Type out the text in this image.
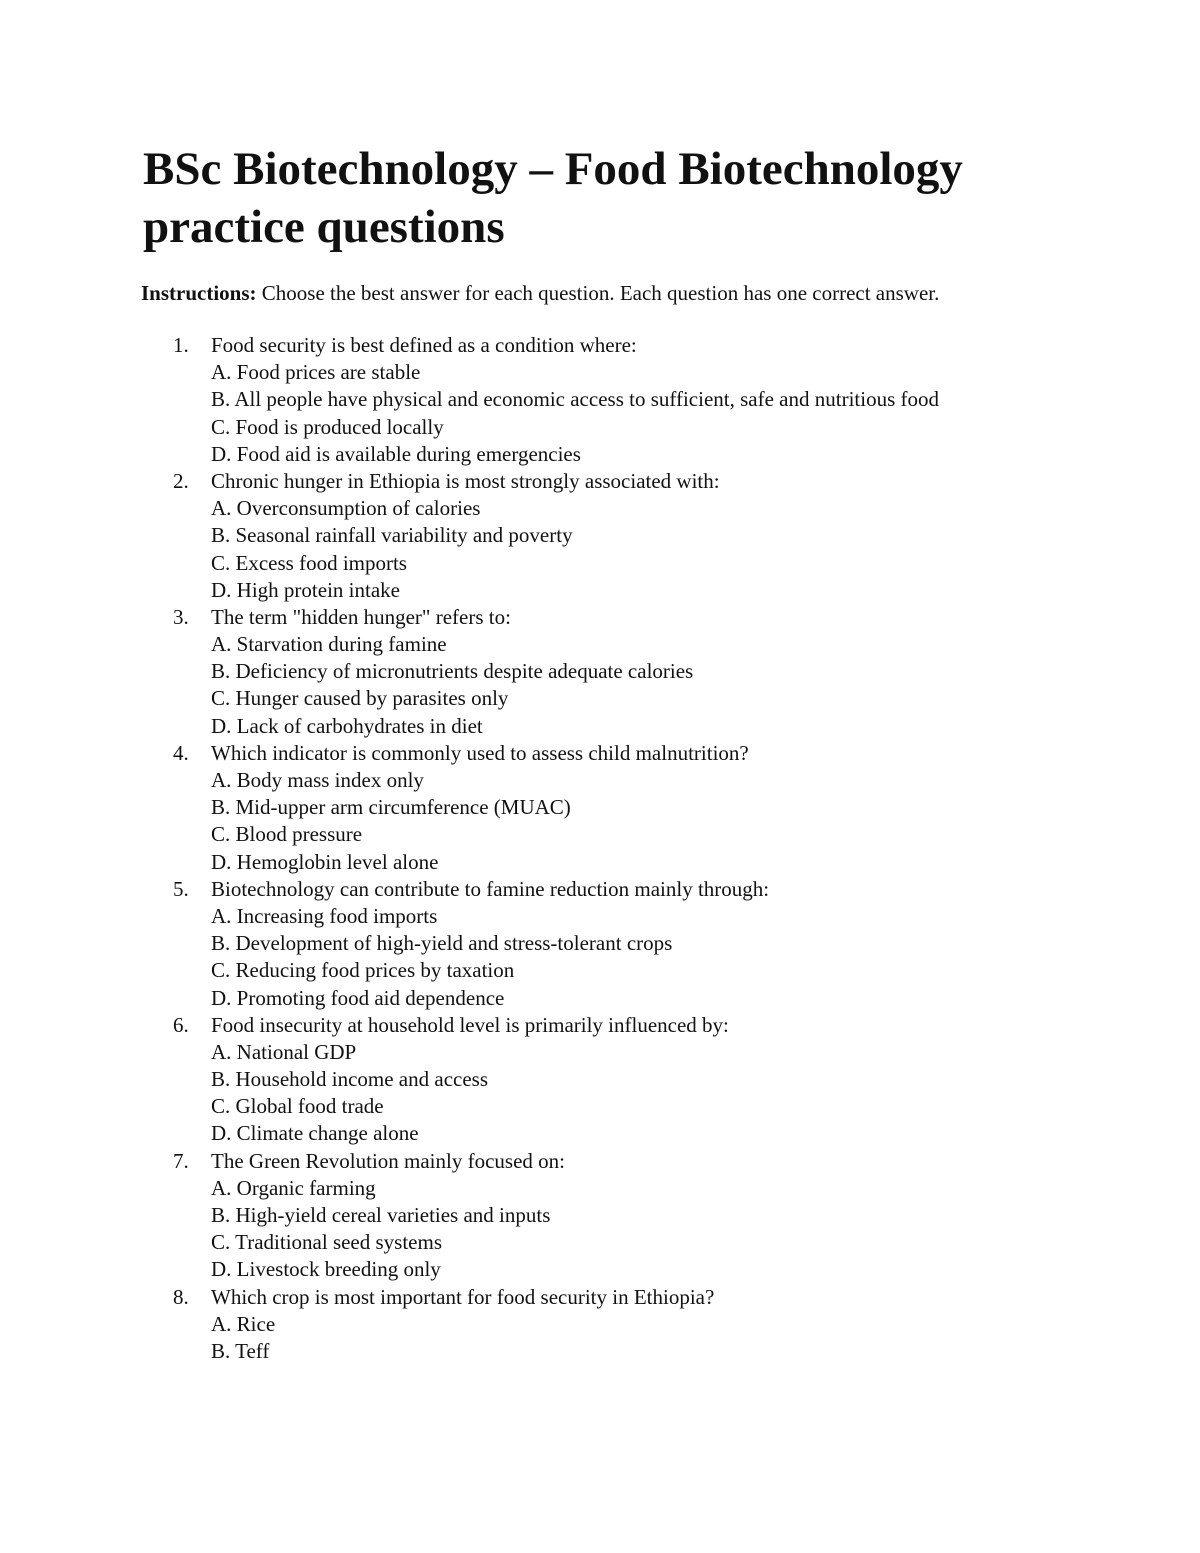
BSc Biotechnology – Food Biotechnology practice questions

Instructions: Choose the best answer for each question. Each question has one correct answer.

1. Food security is best defined as a condition where:
A. Food prices are stable
B. All people have physical and economic access to sufficient, safe and nutritious food
C. Food is produced locally
D. Food aid is available during emergencies
2. Chronic hunger in Ethiopia is most strongly associated with:
A. Overconsumption of calories
B. Seasonal rainfall variability and poverty
C. Excess food imports
D. High protein intake
3. The term "hidden hunger" refers to:
A. Starvation during famine
B. Deficiency of micronutrients despite adequate calories
C. Hunger caused by parasites only
D. Lack of carbohydrates in diet
4. Which indicator is commonly used to assess child malnutrition?
A. Body mass index only
B. Mid-upper arm circumference (MUAC)
C. Blood pressure
D. Hemoglobin level alone
5. Biotechnology can contribute to famine reduction mainly through:
A. Increasing food imports
B. Development of high-yield and stress-tolerant crops
C. Reducing food prices by taxation
D. Promoting food aid dependence
6. Food insecurity at household level is primarily influenced by:
A. National GDP
B. Household income and access
C. Global food trade
D. Climate change alone
7. The Green Revolution mainly focused on:
A. Organic farming
B. High-yield cereal varieties and inputs
C. Traditional seed systems
D. Livestock breeding only
8. Which crop is most important for food security in Ethiopia?
A. Rice
B. Teff
